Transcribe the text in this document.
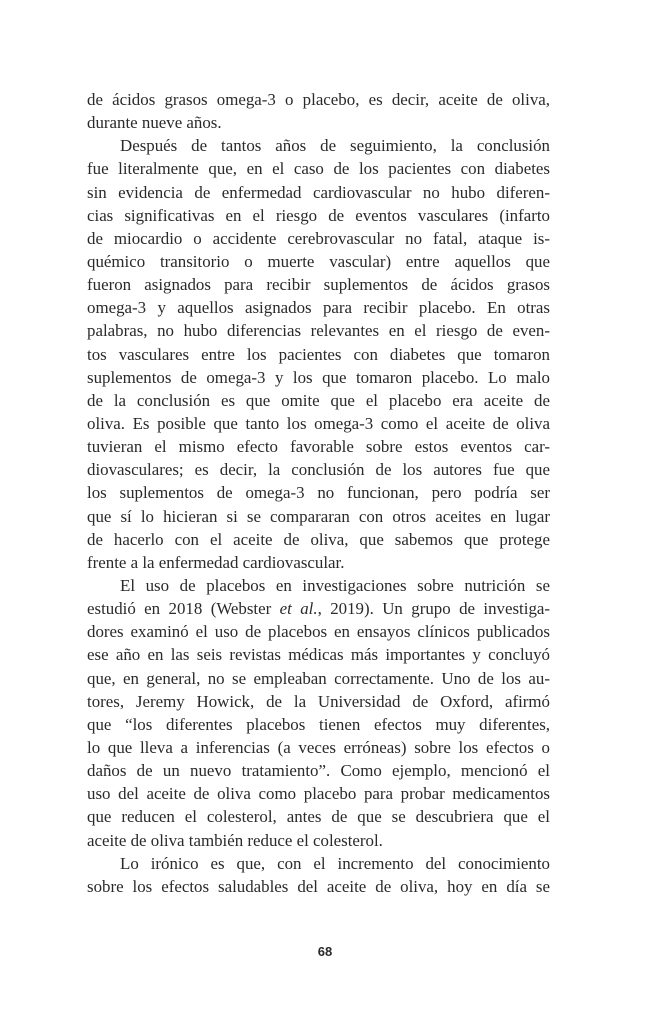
de ácidos grasos omega-3 o placebo, es decir, aceite de oliva,
durante nueve años.
Después de tantos años de seguimiento, la conclusión
fue literalmente que, en el caso de los pacientes con diabetes
sin evidencia de enfermedad cardiovascular no hubo diferen-
cias significativas en el riesgo de eventos vasculares (infarto
de miocardio o accidente cerebrovascular no fatal, ataque is-
quémico transitorio o muerte vascular) entre aquellos que
fueron asignados para recibir suplementos de ácidos grasos
omega-3 y aquellos asignados para recibir placebo. En otras
palabras, no hubo diferencias relevantes en el riesgo de even-
tos vasculares entre los pacientes con diabetes que tomaron
suplementos de omega-3 y los que tomaron placebo. Lo malo
de la conclusión es que omite que el placebo era aceite de
oliva. Es posible que tanto los omega-3 como el aceite de oliva
tuvieran el mismo efecto favorable sobre estos eventos car-
diovasculares; es decir, la conclusión de los autores fue que
los suplementos de omega-3 no funcionan, pero podría ser
que sí lo hicieran si se compararan con otros aceites en lugar
de hacerlo con el aceite de oliva, que sabemos que protege
frente a la enfermedad cardiovascular.
El uso de placebos en investigaciones sobre nutrición se
estudió en 2018 (Webster et al., 2019). Un grupo de investiga-
dores examinó el uso de placebos en ensayos clínicos publicados
ese año en las seis revistas médicas más importantes y concluyó
que, en general, no se empleaban correctamente. Uno de los au-
tores, Jeremy Howick, de la Universidad de Oxford, afirmó
que “los diferentes placebos tienen efectos muy diferentes,
lo que lleva a inferencias (a veces erróneas) sobre los efectos o
daños de un nuevo tratamiento”. Como ejemplo, mencionó el
uso del aceite de oliva como placebo para probar medicamentos
que reducen el colesterol, antes de que se descubriera que el
aceite de oliva también reduce el colesterol.
Lo irónico es que, con el incremento del conocimiento
sobre los efectos saludables del aceite de oliva, hoy en día se
68
